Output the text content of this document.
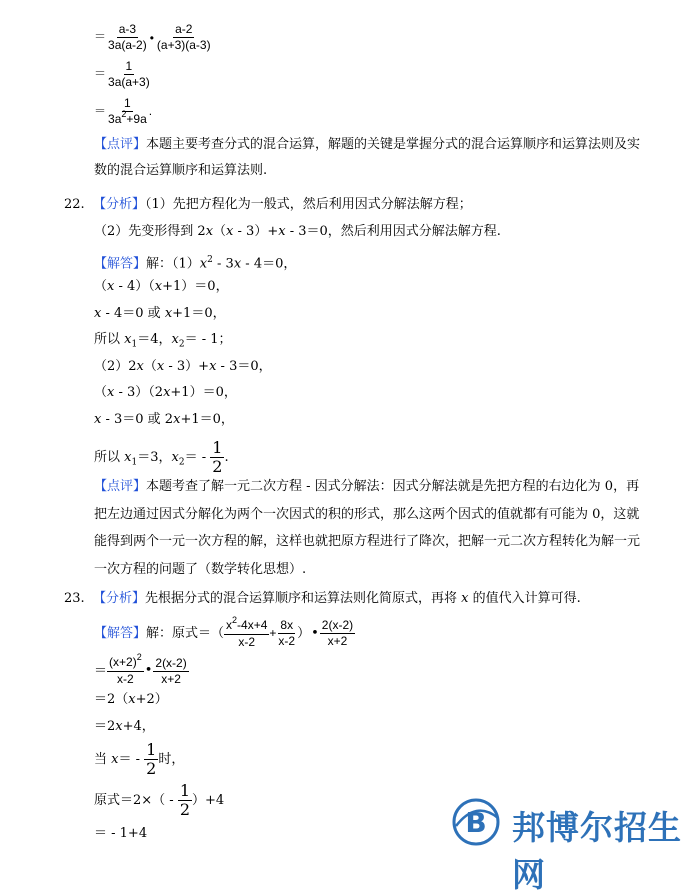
＝ $\frac{a-3}{3a(a-2)}$ • $\frac{a-2}{(a+3)(a-3)}$
＝ $\frac{1}{3a(a+3)}$
＝ $\frac{1}{3a^2+9a}$ .
【点评】本题主要考查分式的混合运算，解题的关键是掌握分式的混合运算顺序和运算法则及实
数的混合运算顺序和运算法则.
22. 【分析】（1）先把方程化为一般式，然后利用因式分解法解方程；
（2）先变形得到 2x（x - 3）+x - 3＝0，然后利用因式分解法解方程.
【解答】解：$(1)x^2 - 3x - 4=0$，
（x - 4）（x+1）＝0，
x - 4＝0 或 x+1＝0，
所以 $x_1=4$，$x_2= - 1$；
（2）2x（x - 3）+x - 3＝0，
（x - 3）（2x+1）＝0，
x - 3＝0 或 2x+1＝0，
所以 $x_1=3$，$x_2= - \frac{1}{2}$ .
【点评】本题考查了解一元二次方程 - 因式分解法：因式分解法就是先把方程的右边化为 0，再
把左边通过因式分解化为两个一次因式的积的形式，那么这两个因式的值就都有可能为 0，这就
能得到两个一元一次方程的解，这样也就把原方程进行了降次，把解一元二次方程转化为解一元
一次方程的问题了（数学转化思想）.
23. 【分析】先根据分式的混合运算顺序和运算法则化简原式，再将 x 的值代入计算可得.
【解答】解：原式＝（ $\frac{x^2-4x+4}{x-2} + \frac{8x}{x-2}$ ）• $\frac{2(x-2)}{x+2}$
＝ $\frac{(x+2)^2}{x-2}$ • $\frac{2(x-2)}{x+2}$
＝2（x+2）
＝2x+4，
当 $x= - \frac{1}{2}$ 时，
原式$=2\times( - \frac{1}{2} )+4$
＝ - 1+4	B 邦博尔招生网
